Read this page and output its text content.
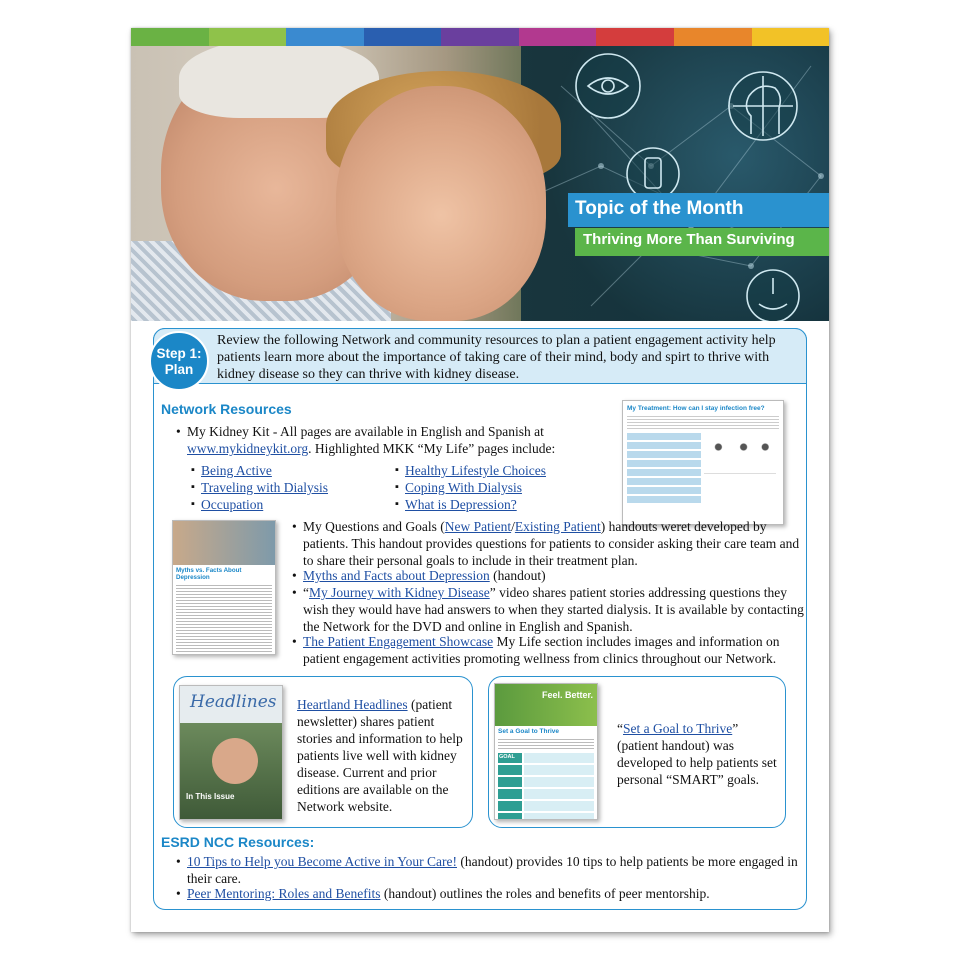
Topic of the Month
Thriving More Than Surviving
Step 1:
Plan
Review the following Network and community resources to plan a patient engagement activity help patients learn more about the importance of taking care of their mind, body and spirt to thrive with kidney disease so they can thrive with kidney disease.
Network Resources
• My Kidney Kit - All pages are available in English and Spanish at www.mykidneykit.org. Highlighted MKK “My Life” pages include:
▪ Being Active
▪ Traveling with Dialysis
▪ Occupation
▪ Healthy Lifestyle Choices
▪ Coping With Dialysis
▪ What is Depression?
My Treatment: How can I stay infection free?
Myths vs. Facts About Depression
• My Questions and Goals (New Patient/Existing Patient) handouts weret developed by patients. This handout provides questions for patients to consider asking their care team and to share their personal goals to include in their treatment plan.
• Myths and Facts about Depression (handout)
• “My Journey with Kidney Disease” video shares patient stories addressing questions they wish they would have had answers to when they started dialysis. It is available by contacting the Network for the DVD and online in English and Spanish.
• The Patient Engagement Showcase My Life section includes images and information on patient engagement activities promoting wellness from clinics throughout our Network.
Headlines
In This Issue
Heartland Headlines (patient newsletter) shares patient stories and information to help patients live well with kidney disease. Current and prior editions are available on the Network website.
Feel. Better.
Set a Goal to Thrive
GOAL
“Set a Goal to Thrive” (patient handout) was developed to help patients set personal “SMART” goals.
ESRD NCC Resources:
• 10 Tips to Help you Become Active in Your Care! (handout) provides 10 tips to help patients be more engaged in their care.
• Peer Mentoring: Roles and Benefits (handout) outlines the roles and benefits of peer mentorship.
